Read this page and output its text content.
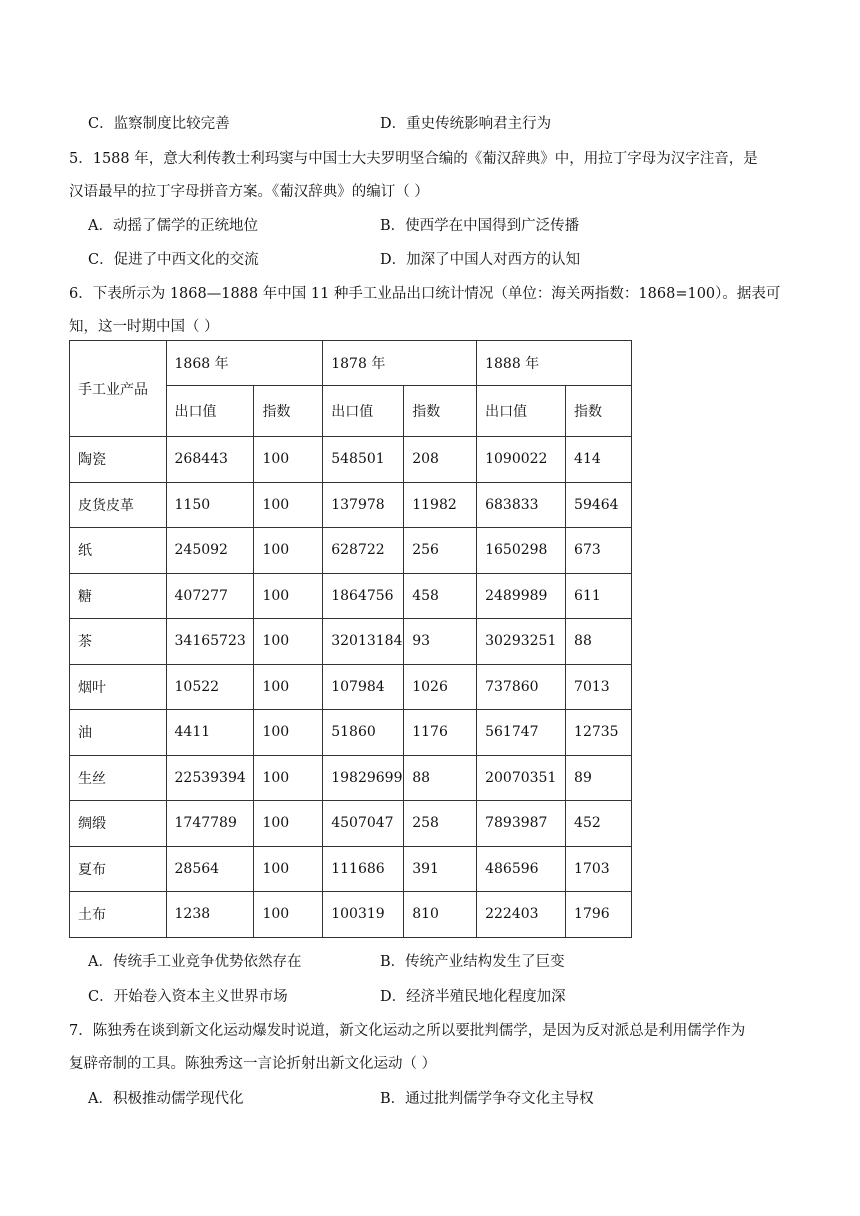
C．监察制度比较完善	D．重史传统影响君主行为
5．1588 年，意大利传教士利玛窦与中国士大夫罗明坚合编的《葡汉辞典》中，用拉丁字母为汉字注音，是
汉语最早的拉丁字母拼音方案。《葡汉辞典》的编订（ ）
A．动摇了儒学的正统地位	B．使西学在中国得到广泛传播
C．促进了中西文化的交流	D．加深了中国人对西方的认知
6．下表所示为 1868—1888 年中国 11 种手工业品出口统计情况（单位：海关两指数：1868=100）。据表可
知，这一时期中国（ ）
手工业产品	1868 年		1878 年		1888 年	
	出口值	指数	出口值	指数	出口值	指数
陶瓷	268443	100	548501	208	1090022	414
皮货皮革	1150	100	137978	11982	683833	59464
纸	245092	100	628722	256	1650298	673
糖	407277	100	1864756	458	2489989	611
茶	34165723	100	32013184	93	30293251	88
烟叶	10522	100	107984	1026	737860	7013
油	4411	100	51860	1176	561747	12735
生丝	22539394	100	19829699	88	20070351	89
绸缎	1747789	100	4507047	258	7893987	452
夏布	28564	100	111686	391	486596	1703
土布	1238	100	100319	810	222403	1796
A．传统手工业竞争优势依然存在	B．传统产业结构发生了巨变
C．开始卷入资本主义世界市场	D．经济半殖民地化程度加深
7．陈独秀在谈到新文化运动爆发时说道，新文化运动之所以要批判儒学，是因为反对派总是利用儒学作为
复辟帝制的工具。陈独秀这一言论折射出新文化运动（ ）
A．积极推动儒学现代化	B．通过批判儒学争夺文化主导权
